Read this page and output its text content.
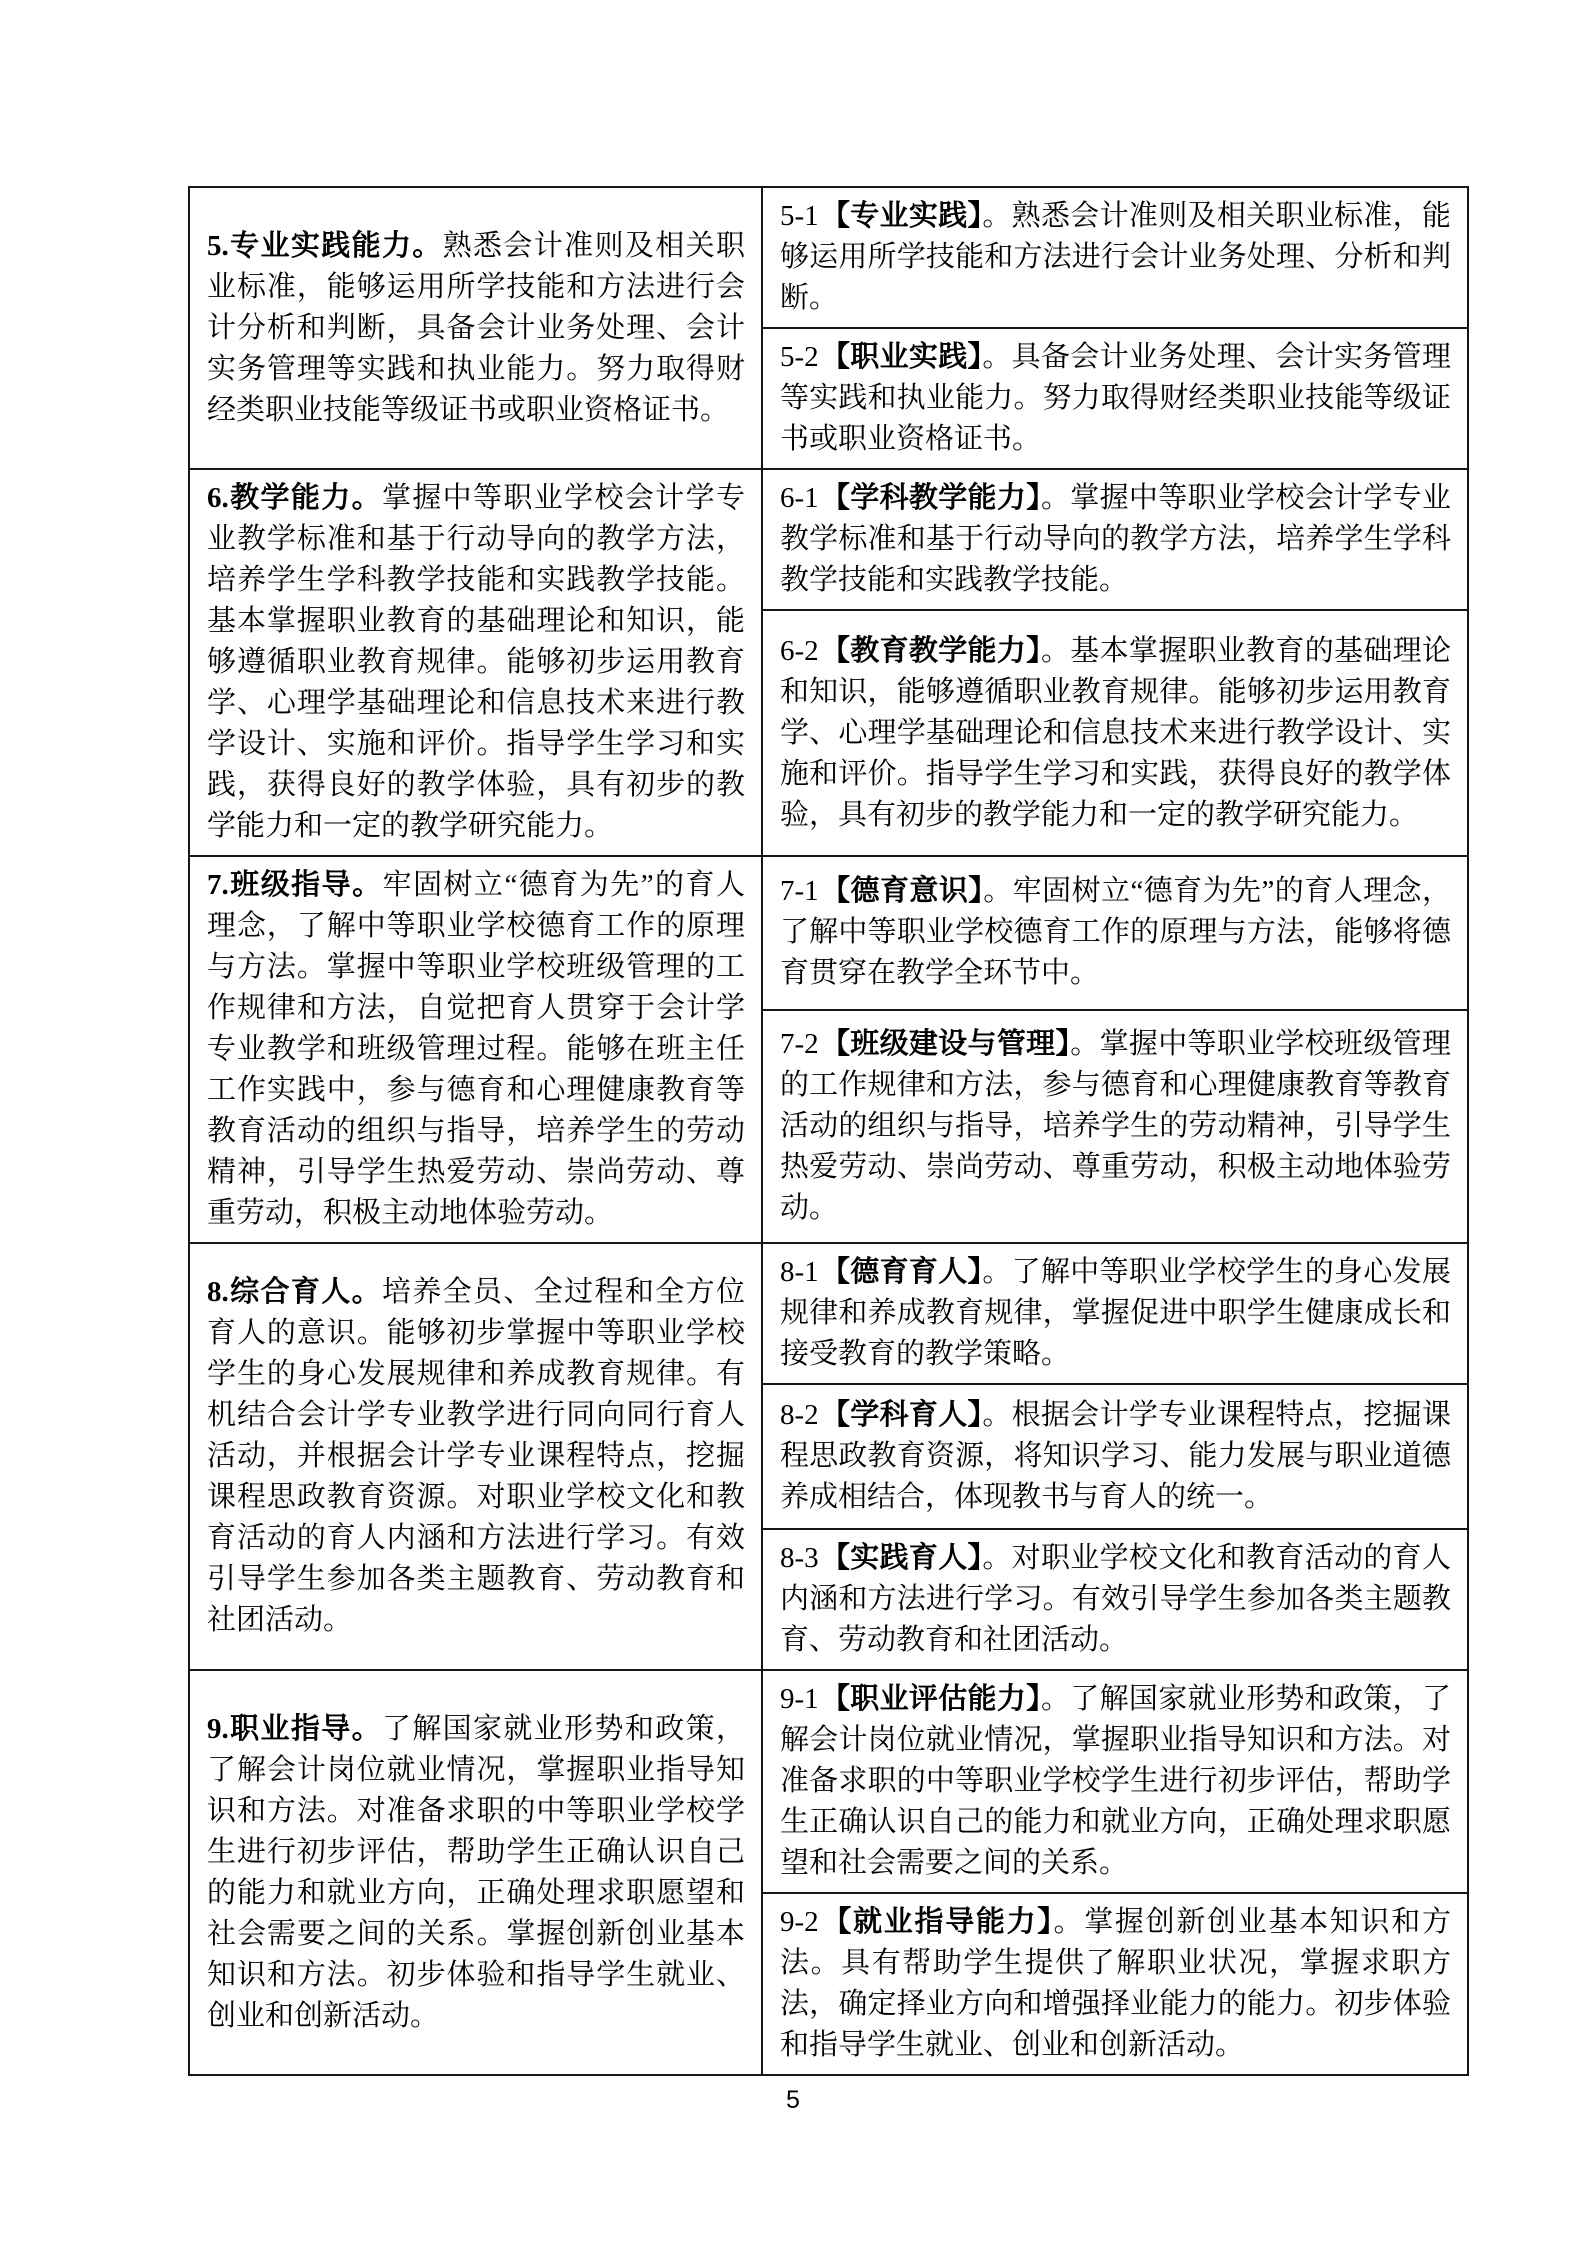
5.专业实践能力。熟悉会计准则及相关职业标准，能够运用所学技能和方法进行会计分析和判断，具备会计业务处理、会计实务管理等实践和执业能力。努力取得财经类职业技能等级证书或职业资格证书。	5-1【专业实践】。熟悉会计准则及相关职业标准，能够运用所学技能和方法进行会计业务处理、分析和判断。
	5-2【职业实践】。具备会计业务处理、会计实务管理等实践和执业能力。努力取得财经类职业技能等级证书或职业资格证书。
6.教学能力。掌握中等职业学校会计学专业教学标准和基于行动导向的教学方法，培养学生学科教学技能和实践教学技能。基本掌握职业教育的基础理论和知识，能够遵循职业教育规律。能够初步运用教育学、心理学基础理论和信息技术来进行教学设计、实施和评价。指导学生学习和实践，获得良好的教学体验，具有初步的教学能力和一定的教学研究能力。	6-1【学科教学能力】。掌握中等职业学校会计学专业教学标准和基于行动导向的教学方法，培养学生学科教学技能和实践教学技能。
	6-2【教育教学能力】。基本掌握职业教育的基础理论和知识，能够遵循职业教育规律。能够初步运用教育学、心理学基础理论和信息技术来进行教学设计、实施和评价。指导学生学习和实践，获得良好的教学体验，具有初步的教学能力和一定的教学研究能力。
7.班级指导。牢固树立“德育为先”的育人理念，了解中等职业学校德育工作的原理与方法。掌握中等职业学校班级管理的工作规律和方法，自觉把育人贯穿于会计学专业教学和班级管理过程。能够在班主任工作实践中，参与德育和心理健康教育等教育活动的组织与指导，培养学生的劳动精神，引导学生热爱劳动、崇尚劳动、尊重劳动，积极主动地体验劳动。	7-1【德育意识】。牢固树立“德育为先”的育人理念，了解中等职业学校德育工作的原理与方法，能够将德育贯穿在教学全环节中。
	7-2【班级建设与管理】。掌握中等职业学校班级管理的工作规律和方法，参与德育和心理健康教育等教育活动的组织与指导，培养学生的劳动精神，引导学生热爱劳动、崇尚劳动、尊重劳动，积极主动地体验劳动。
8.综合育人。培养全员、全过程和全方位育人的意识。能够初步掌握中等职业学校学生的身心发展规律和养成教育规律。有机结合会计学专业教学进行同向同行育人活动，并根据会计学专业课程特点，挖掘课程思政教育资源。对职业学校文化和教育活动的育人内涵和方法进行学习。有效引导学生参加各类主题教育、劳动教育和社团活动。	8-1【德育育人】。了解中等职业学校学生的身心发展规律和养成教育规律，掌握促进中职学生健康成长和接受教育的教学策略。
	8-2【学科育人】。根据会计学专业课程特点，挖掘课程思政教育资源，将知识学习、能力发展与职业道德养成相结合，体现教书与育人的统一。
	8-3【实践育人】。对职业学校文化和教育活动的育人内涵和方法进行学习。有效引导学生参加各类主题教育、劳动教育和社团活动。
9.职业指导。了解国家就业形势和政策，了解会计岗位就业情况，掌握职业指导知识和方法。对准备求职的中等职业学校学生进行初步评估，帮助学生正确认识自己的能力和就业方向，正确处理求职愿望和社会需要之间的关系。掌握创新创业基本知识和方法。初步体验和指导学生就业、创业和创新活动。	9-1【职业评估能力】。了解国家就业形势和政策，了解会计岗位就业情况，掌握职业指导知识和方法。对准备求职的中等职业学校学生进行初步评估，帮助学生正确认识自己的能力和就业方向，正确处理求职愿望和社会需要之间的关系。
	9-2【就业指导能力】。掌握创新创业基本知识和方法。具有帮助学生提供了解职业状况，掌握求职方法，确定择业方向和增强择业能力的能力。初步体验和指导学生就业、创业和创新活动。
5
